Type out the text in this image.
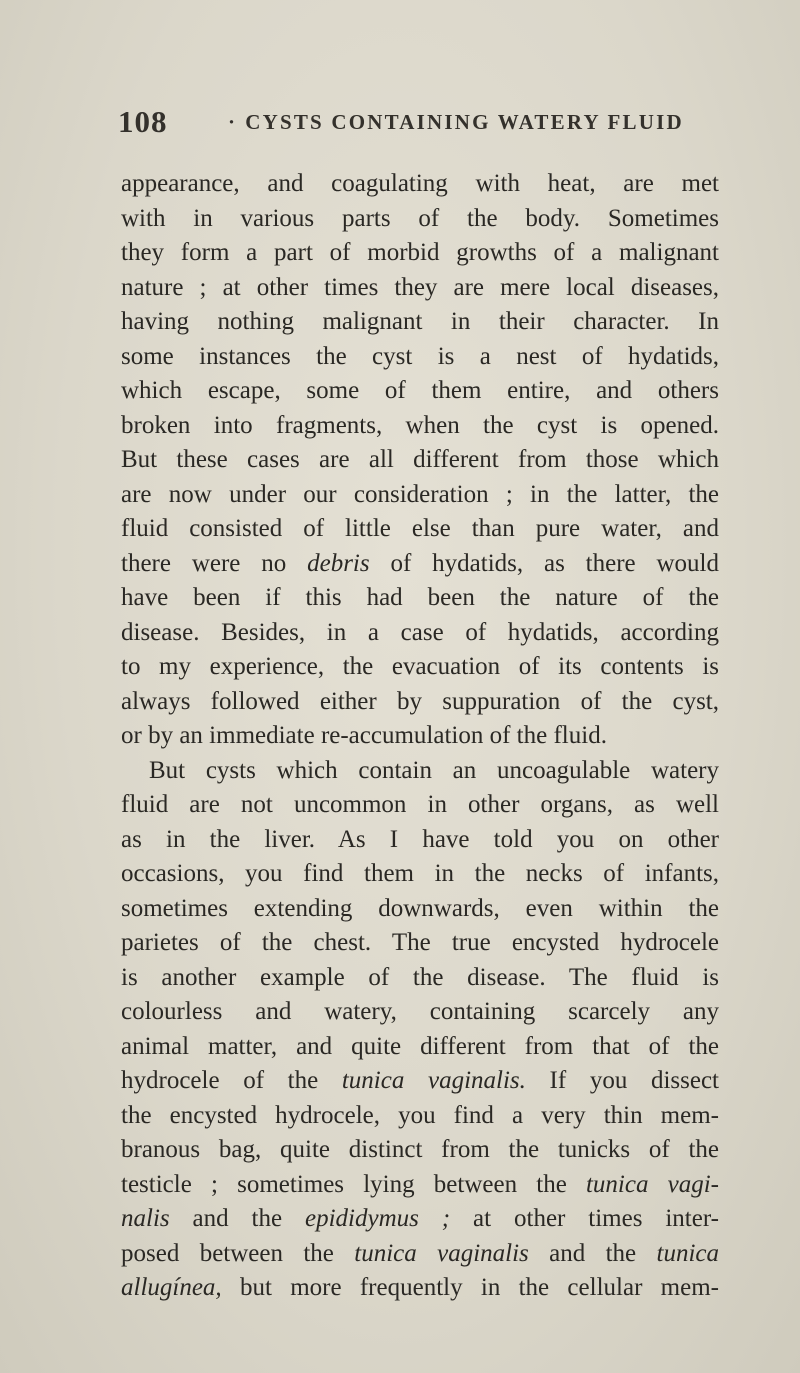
108	· CYSTS CONTAINING WATERY FLUID
appearance, and coagulating with heat, are met
with in various parts of the body. Sometimes
they form a part of morbid growths of a malignant
nature ; at other times they are mere local diseases,
having nothing malignant in their character. In
some instances the cyst is a nest of hydatids,
which escape, some of them entire, and others
broken into fragments, when the cyst is opened.
But these cases are all different from those which
are now under our consideration ; in the latter, the
fluid consisted of little else than pure water, and
there were no debris of hydatids, as there would
have been if this had been the nature of the
disease. Besides, in a case of hydatids, according
to my experience, the evacuation of its contents is
always followed either by suppuration of the cyst,
or by an immediate re-accumulation of the fluid.
But cysts which contain an uncoagulable watery
fluid are not uncommon in other organs, as well
as in the liver. As I have told you on other
occasions, you find them in the necks of infants,
sometimes extending downwards, even within the
parietes of the chest. The true encysted hydrocele
is another example of the disease. The fluid is
colourless and watery, containing scarcely any
animal matter, and quite different from that of the
hydrocele of the tunica vaginalis. If you dissect
the encysted hydrocele, you find a very thin mem-
branous bag, quite distinct from the tunicks of the
testicle ; sometimes lying between the tunica vagi-
nalis and the epididymus ; at other times inter-
posed between the tunica vaginalis and the tunica
allugínea, but more frequently in the cellular mem-
